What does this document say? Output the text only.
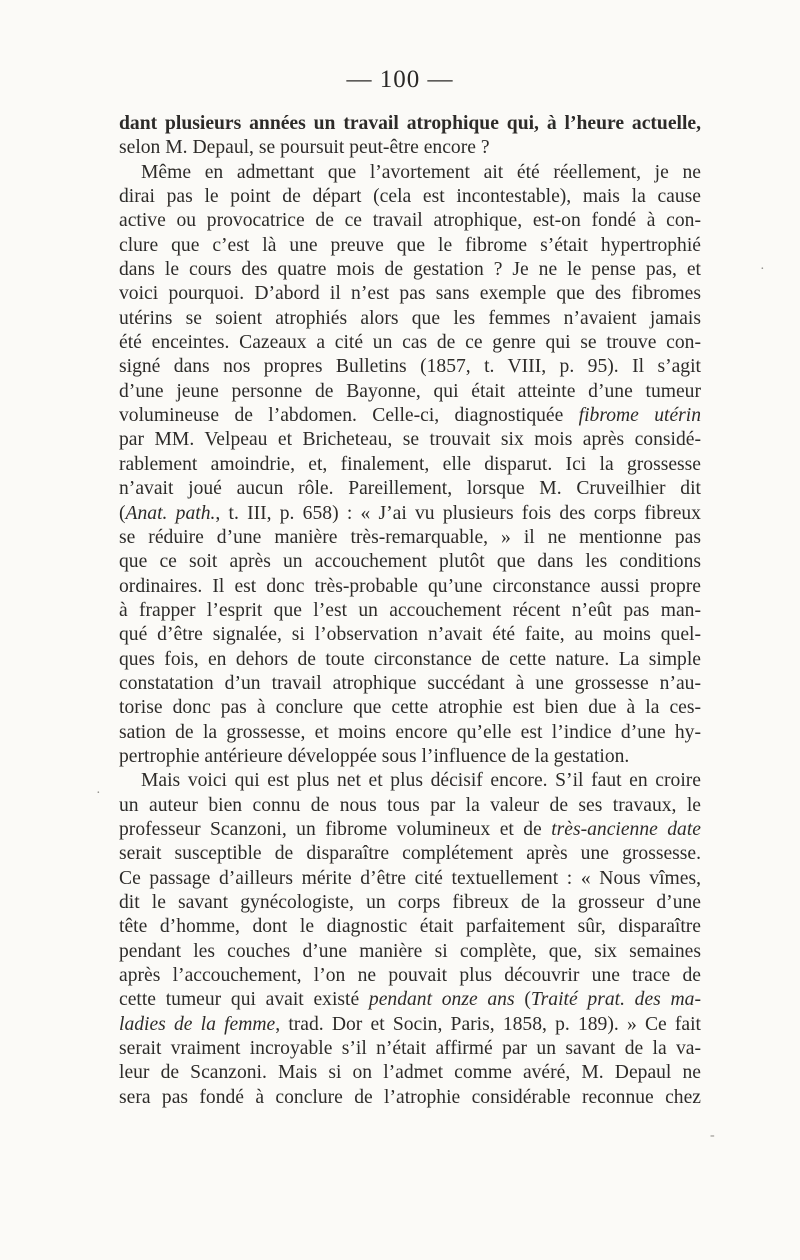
— 100 —
dant plusieurs années un travail atrophique qui, à l’heure actuelle,
selon M. Depaul, se poursuit peut-être encore ?
Même en admettant que l’avortement ait été réellement, je ne
dirai pas le point de départ (cela est incontestable), mais la cause
active ou provocatrice de ce travail atrophique, est-on fondé à con-
clure que c’est là une preuve que le fibrome s’était hypertrophié
dans le cours des quatre mois de gestation ? Je ne le pense pas, et
voici pourquoi. D’abord il n’est pas sans exemple que des fibromes
utérins se soient atrophiés alors que les femmes n’avaient jamais
été enceintes. Cazeaux a cité un cas de ce genre qui se trouve con-
signé dans nos propres Bulletins (1857, t. VIII, p. 95). Il s’agit
d’une jeune personne de Bayonne, qui était atteinte d’une tumeur
volumineuse de l’abdomen. Celle-ci, diagnostiquée fibrome utérin
par MM. Velpeau et Bricheteau, se trouvait six mois après considé-
rablement amoindrie, et, finalement, elle disparut. Ici la grossesse
n’avait joué aucun rôle. Pareillement, lorsque M. Cruveilhier dit
(Anat. path., t. III, p. 658) : « J’ai vu plusieurs fois des corps fibreux
se réduire d’une manière très-remarquable, » il ne mentionne pas
que ce soit après un accouchement plutôt que dans les conditions
ordinaires. Il est donc très-probable qu’une circonstance aussi propre
à frapper l’esprit que l’est un accouchement récent n’eût pas man-
qué d’être signalée, si l’observation n’avait été faite, au moins quel-
ques fois, en dehors de toute circonstance de cette nature. La simple
constatation d’un travail atrophique succédant à une grossesse n’au-
torise donc pas à conclure que cette atrophie est bien due à la ces-
sation de la grossesse, et moins encore qu’elle est l’indice d’une hy-
pertrophie antérieure développée sous l’influence de la gestation.
Mais voici qui est plus net et plus décisif encore. S’il faut en croire
un auteur bien connu de nous tous par la valeur de ses travaux, le
professeur Scanzoni, un fibrome volumineux et de très-ancienne date
serait susceptible de disparaître complétement après une grossesse.
Ce passage d’ailleurs mérite d’être cité textuellement : « Nous vîmes,
dit le savant gynécologiste, un corps fibreux de la grosseur d’une
tête d’homme, dont le diagnostic était parfaitement sûr, disparaître
pendant les couches d’une manière si complète, que, six semaines
après l’accouchement, l’on ne pouvait plus découvrir une trace de
cette tumeur qui avait existé pendant onze ans (Traité prat. des ma-
ladies de la femme, trad. Dor et Socin, Paris, 1858, p. 189). » Ce fait
serait vraiment incroyable s’il n’était affirmé par un savant de la va-
leur de Scanzoni. Mais si on l’admet comme avéré, M. Depaul ne
sera pas fondé à conclure de l’atrophie considérable reconnue chez
·
·
-
